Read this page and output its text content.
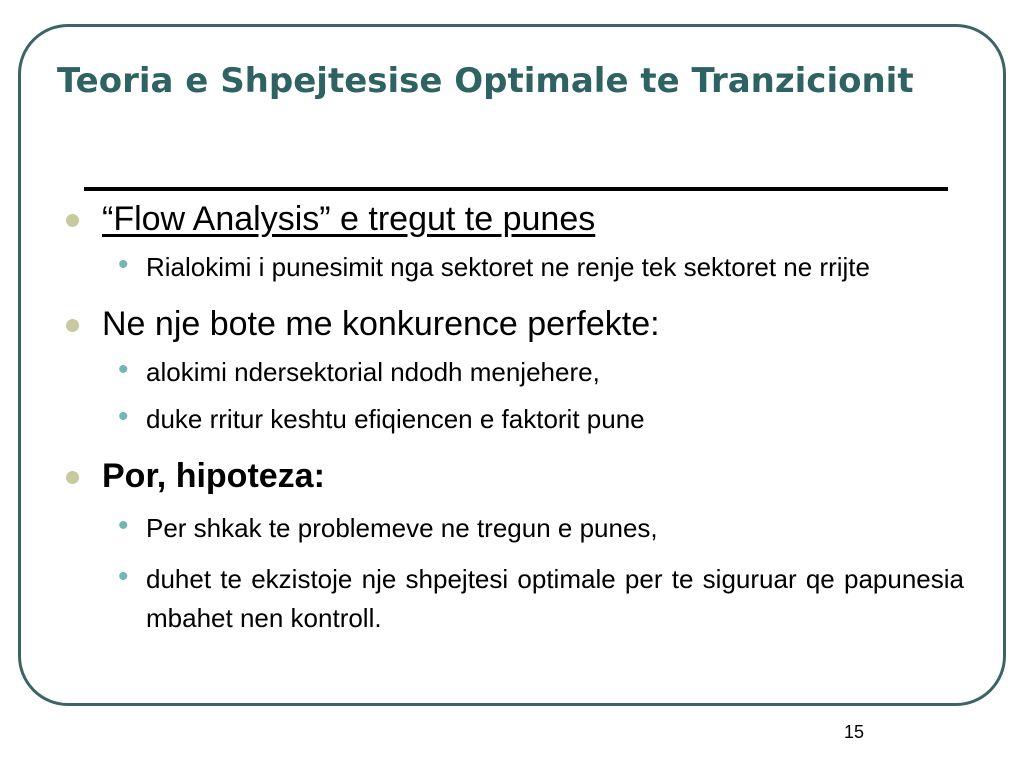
Teoria e Shpejtesise Optimale te Tranzicionit
“Flow Analysis” e tregut te punes
• Rialokimi i punesimit nga sektoret ne renje tek sektoret ne rrijte
Ne nje bote me konkurence perfekte:
• alokimi ndersektorial ndodh menjehere,
• duke rritur keshtu efiqiencen e faktorit pune
Por, hipoteza:
• Per shkak te problemeve ne tregun e punes,
• duhet te ekzistoje nje shpejtesi optimale per te siguruar qe papunesia mbahet nen kontroll.
15
